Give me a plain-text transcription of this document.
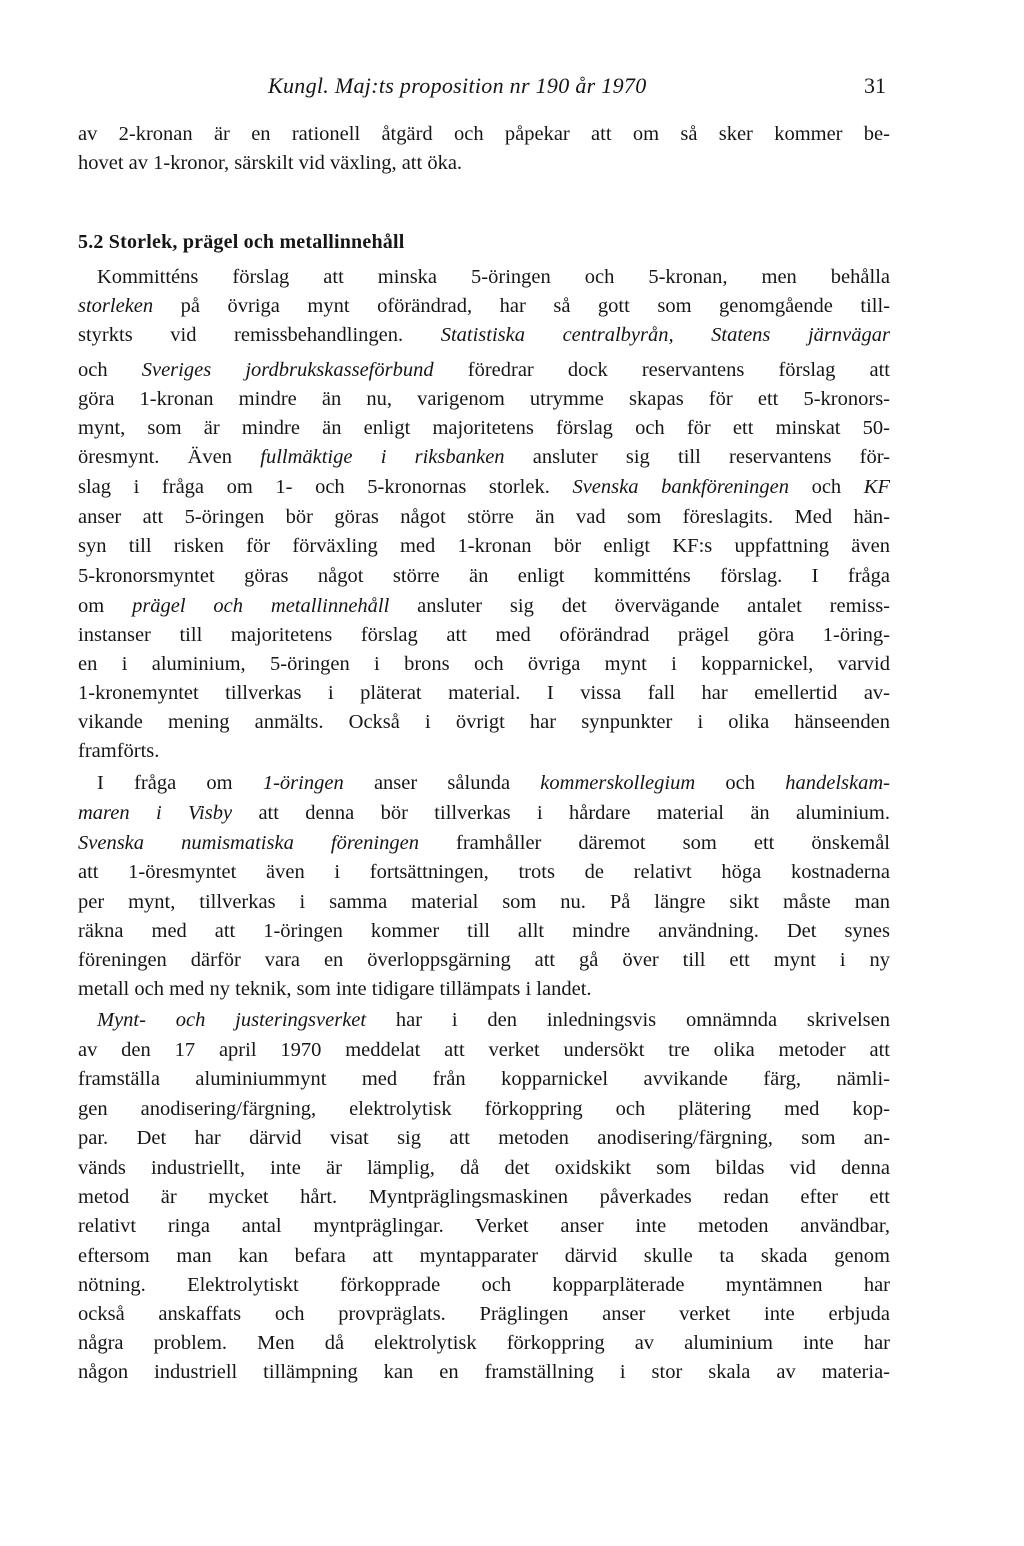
Kungl. Maj:ts proposition nr 190 år 1970	31
av 2-kronan är en rationell åtgärd och påpekar att om så sker kommer be-
hovet av 1-kronor, särskilt vid växling, att öka.
5.2 Storlek, prägel och metallinnehåll
Kommitténs förslag att minska 5-öringen och 5-kronan, men behålla
storleken på övriga mynt oförändrad, har så gott som genomgående till-
styrkts vid remissbehandlingen. Statistiska centralbyrån, Statens järnvägar
och Sveriges jordbrukskasseförbund föredrar dock reservantens förslag att
göra 1-kronan mindre än nu, varigenom utrymme skapas för ett 5-kronors-
mynt, som är mindre än enligt majoritetens förslag och för ett minskat 50-
öresmynt. Även fullmäktige i riksbanken ansluter sig till reservantens för-
slag i fråga om 1- och 5-kronornas storlek. Svenska bankföreningen och KF
anser att 5-öringen bör göras något större än vad som föreslagits. Med hän-
syn till risken för förväxling med 1-kronan bör enligt KF:s uppfattning även
5-kronorsmyntet göras något större än enligt kommitténs förslag. I fråga
om prägel och metallinnehåll ansluter sig det övervägande antalet remiss-
instanser till majoritetens förslag att med oförändrad prägel göra 1-öring-
en i aluminium, 5-öringen i brons och övriga mynt i kopparnickel, varvid
1-kronemyntet tillverkas i pläterat material. I vissa fall har emellertid av-
vikande mening anmälts. Också i övrigt har synpunkter i olika hänseenden
framförts.
I fråga om 1-öringen anser sålunda kommerskollegium och handelskam-
maren i Visby att denna bör tillverkas i hårdare material än aluminium.
Svenska numismatiska föreningen framhåller däremot som ett önskemål
att 1-öresmyntet även i fortsättningen, trots de relativt höga kostnaderna
per mynt, tillverkas i samma material som nu. På längre sikt måste man
räkna med att 1-öringen kommer till allt mindre användning. Det synes
föreningen därför vara en överloppsgärning att gå över till ett mynt i ny
metall och med ny teknik, som inte tidigare tillämpats i landet.
Mynt- och justeringsverket har i den inledningsvis omnämnda skrivelsen
av den 17 april 1970 meddelat att verket undersökt tre olika metoder att
framställa aluminiummynt med från kopparnickel avvikande färg, nämli-
gen anodisering/färgning, elektrolytisk förkoppring och plätering med kop-
par. Det har därvid visat sig att metoden anodisering/färgning, som an-
vänds industriellt, inte är lämplig, då det oxidskikt som bildas vid denna
metod är mycket hårt. Myntpräglingsmaskinen påverkades redan efter ett
relativt ringa antal myntpräglingar. Verket anser inte metoden användbar,
eftersom man kan befara att myntapparater därvid skulle ta skada genom
nötning. Elektrolytiskt förkopprade och kopparpläterade myntämnen har
också anskaffats och provpräglats. Präglingen anser verket inte erbjuda
några problem. Men då elektrolytisk förkoppring av aluminium inte har
någon industriell tillämpning kan en framställning i stor skala av materia-
